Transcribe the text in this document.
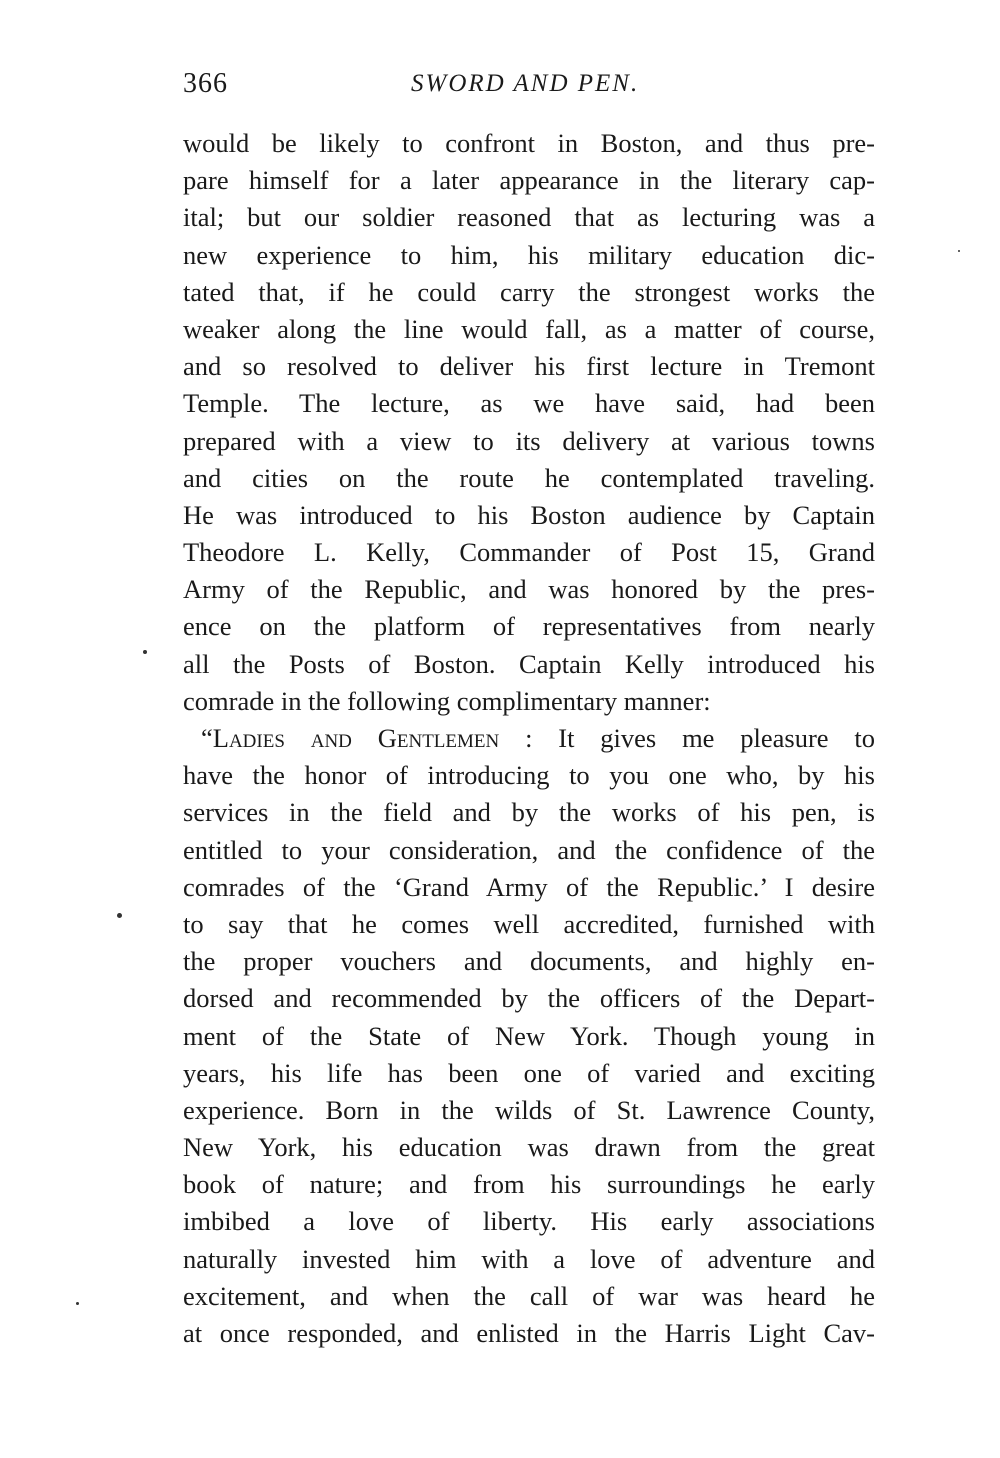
366	SWORD AND PEN.
would be likely to confront in Boston, and thus pre-
pare himself for a later appearance in the literary cap-
ital; but our soldier reasoned that as lecturing was a
new experience to him, his military education dic-
tated that, if he could carry the strongest works the
weaker along the line would fall, as a matter of course,
and so resolved to deliver his first lecture in Tremont
Temple. The lecture, as we have said, had been
prepared with a view to its delivery at various towns
and cities on the route he contemplated traveling.
He was introduced to his Boston audience by Captain
Theodore L. Kelly, Commander of Post 15, Grand
Army of the Republic, and was honored by the pres-
ence on the platform of representatives from nearly
all the Posts of Boston. Captain Kelly introduced his
comrade in the following complimentary manner:
“Ladies and Gentlemen : It gives me pleasure to
have the honor of introducing to you one who, by his
services in the field and by the works of his pen, is
entitled to your consideration, and the confidence of the
comrades of the ‘Grand Army of the Republic.’ I desire
to say that he comes well accredited, furnished with
the proper vouchers and documents, and highly en-
dorsed and recommended by the officers of the Depart-
ment of the State of New York. Though young in
years, his life has been one of varied and exciting
experience. Born in the wilds of St. Lawrence County,
New York, his education was drawn from the great
book of nature; and from his surroundings he early
imbibed a love of liberty. His early associations
naturally invested him with a love of adventure and
excitement, and when the call of war was heard he
at once responded, and enlisted in the Harris Light Cav-
